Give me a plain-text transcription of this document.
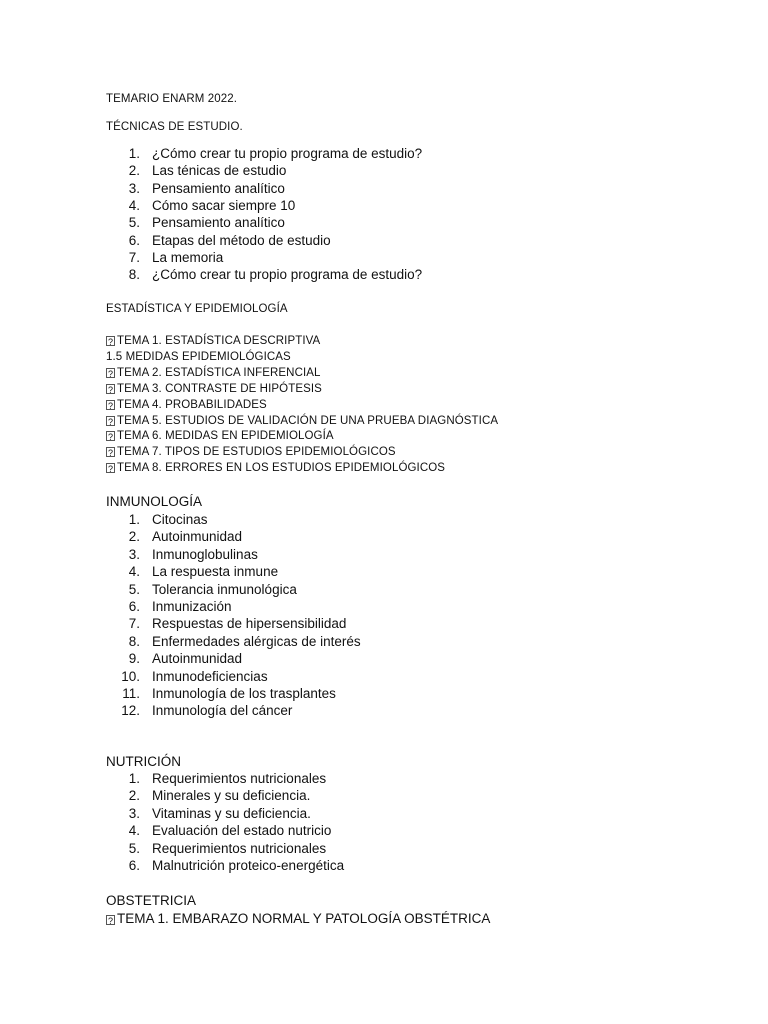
TEMARIO ENARM 2022.
TÉCNICAS DE ESTUDIO.
1. ¿Cómo crear tu propio programa de estudio?
2. Las ténicas de estudio
3. Pensamiento analítico
4. Cómo sacar siempre 10
5. Pensamiento analítico
6. Etapas del método de estudio
7. La memoria
8. ¿Cómo crear tu propio programa de estudio?
ESTADÍSTICA Y EPIDEMIOLOGÍA
? TEMA 1. ESTADÍSTICA DESCRIPTIVA
1.5 MEDIDAS EPIDEMIOLÓGICAS
? TEMA 2. ESTADÍSTICA INFERENCIAL
? TEMA 3. CONTRASTE DE HIPÓTESIS
? TEMA 4. PROBABILIDADES
? TEMA 5. ESTUDIOS DE VALIDACIÓN DE UNA PRUEBA DIAGNÓSTICA
? TEMA 6. MEDIDAS EN EPIDEMIOLOGÍA
? TEMA 7. TIPOS DE ESTUDIOS EPIDEMIOLÓGICOS
? TEMA 8. ERRORES EN LOS ESTUDIOS EPIDEMIOLÓGICOS
INMUNOLOGÍA
1. Citocinas
2. Autoinmunidad
3. Inmunoglobulinas
4. La respuesta inmune
5. Tolerancia inmunológica
6. Inmunización
7. Respuestas de hipersensibilidad
8. Enfermedades alérgicas de interés
9. Autoinmunidad
10. Inmunodeficiencias
11. Inmunología de los trasplantes
12. Inmunología del cáncer
NUTRICIÓN
1. Requerimientos nutricionales
2. Minerales y su deficiencia.
3. Vitaminas y su deficiencia.
4. Evaluación del estado nutricio
5. Requerimientos nutricionales
6. Malnutrición proteico-energética
OBSTETRICIA
? TEMA 1. EMBARAZO NORMAL Y PATOLOGÍA OBSTÉTRICA
